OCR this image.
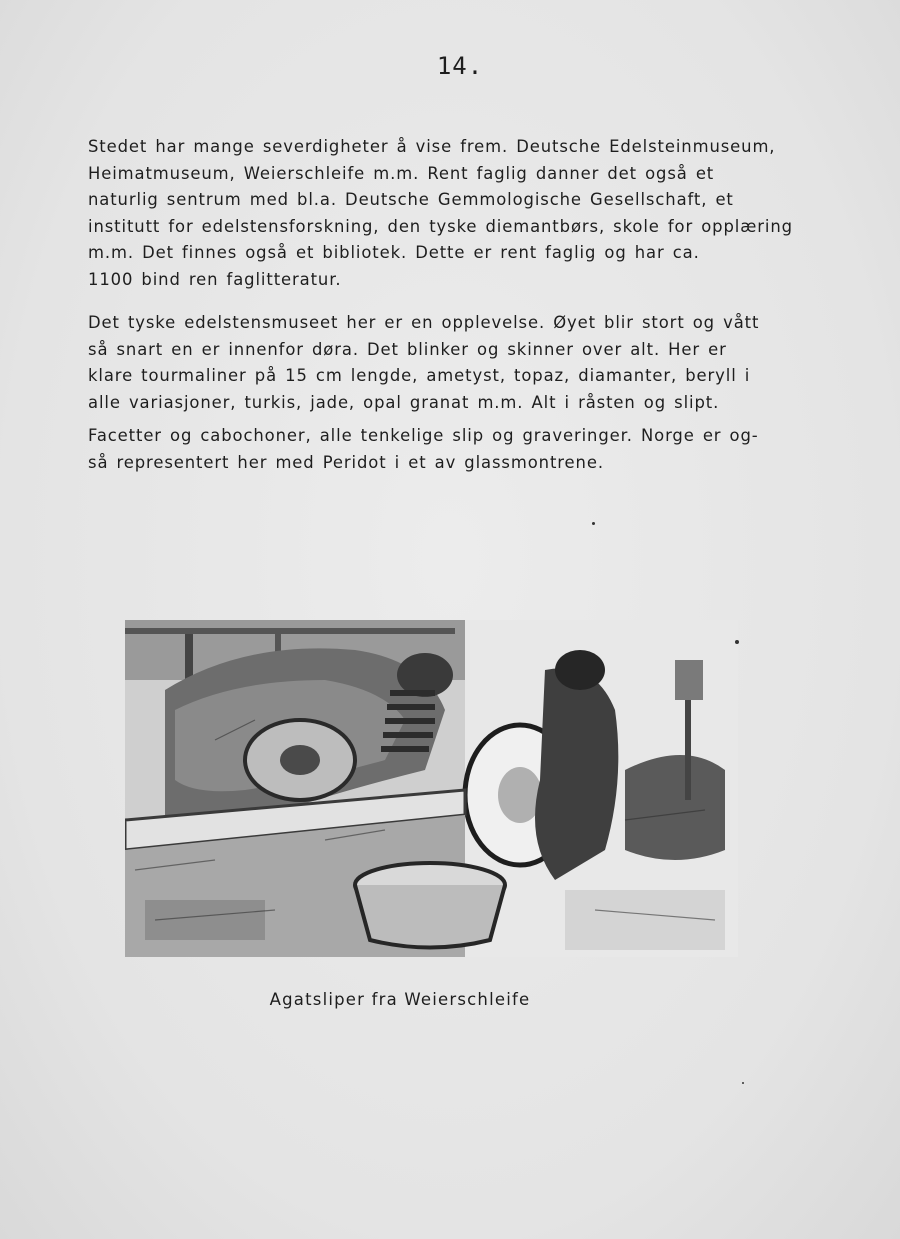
14.
Stedet har mange severdigheter å vise frem. Deutsche Edelsteinmuseum,
Heimatmuseum, Weierschleife m.m. Rent faglig danner det også et
naturlig sentrum med bl.a. Deutsche Gemmologische Gesellschaft, et
institutt for edelstensforskning, den tyske diemantbørs, skole for opplæring
m.m. Det finnes også et bibliotek. Dette er rent faglig og har ca.
1100 bind ren faglitteratur.
Det tyske edelstensmuseet her er en opplevelse. Øyet blir stort og vått
så snart en er innenfor døra. Det blinker og skinner over alt. Her er
klare tourmaliner på 15 cm lengde, ametyst, topaz, diamanter, beryll i
alle variasjoner, turkis, jade, opal granat m.m. Alt i råsten og slipt.
Facetter og cabochoner, alle tenkelige slip og graveringer. Norge er og-
så representert her med Peridot i et av glassmontrene.
Agatsliper fra Weierschleife
